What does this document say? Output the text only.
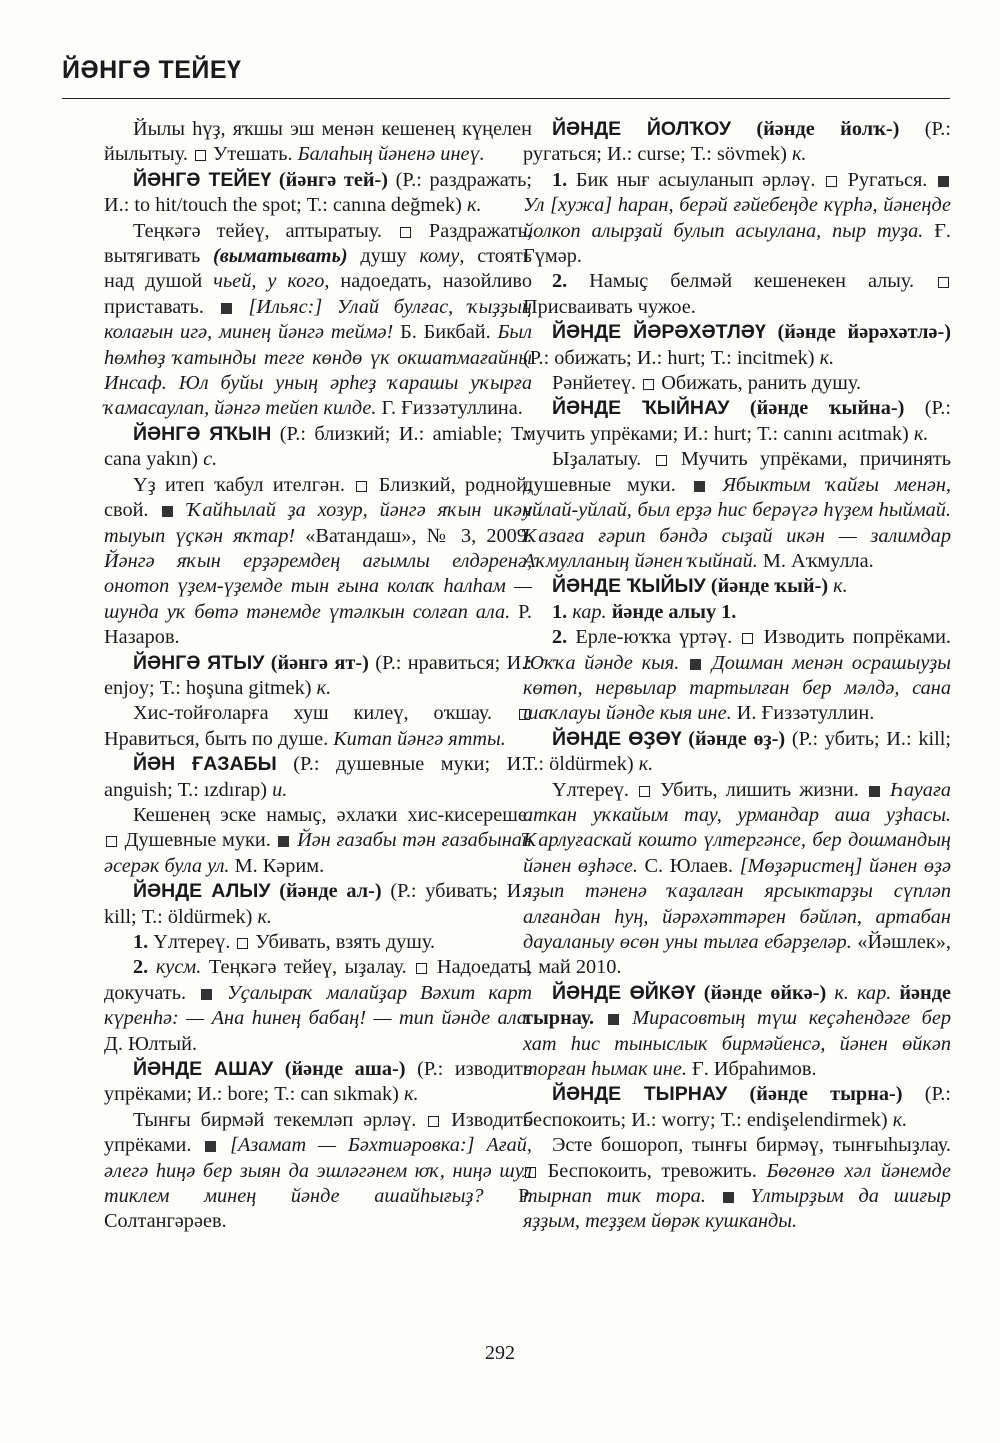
ЙӘНГӘ ТЕЙЕҮ

Йылы һүҙ, яҡшы эш менән кешенең күңелен йылытыу.  Утешать. Балаһың йәненә инеү.

ЙӘНГӘ ТЕЙЕҮ (йәнгә тей-) (Р.: раздражать; И.: to hit/touch the spot; Т.: canına değmek) к.

Теңкәгә тейеү, аптыратыу.  Раздражать, вытягивать (выматывать) душу кому, стоять над душой чьей, у кого, надоедать, назойливо приставать.  [Ильяс:] Улай булғас, ҡыҙҙың колағын игә, минең йәнгә теймә! Б. Бикбай. Был һөмһөҙ ҡатынды теге көндө үк окшатмағайны Инсаф. Юл буйы уның әрһеҙ ҡарашы уҡырға ҡамасаулап, йәнгә тейеп килде. Г. Ғиззәтуллина.

ЙӘНГӘ ЯҠЫН (Р.: близкий; И.: amiable; Т.: cana yakın) с.

Үҙ итеп ҡабул ителгән.  Близкий, родной, свой.  Ҡайһылай ҙа хозур, йәнгә яҡын икән тыуып үҫкән яҡтар! «Ватандаш», № 3, 2009. Йәнгә яҡын ерҙәремдең ағымлы елдәренә, онотоп үҙем-үҙемде тын ғына колаҡ һалһам — шунда уҡ бөтә тәнемде үтәлкын солғап ала. Р. Назаров.

ЙӘНГӘ ЯТЫУ (йәнгә ят-) (Р.: нравиться; И.: enjoy; Т.: hoşuna gitmek) к.

Хис-тойғоларға хуш килеү, оҡшау.  Нравиться, быть по душе. Китап йәнгә ятты.

ЙӘН ҒАЗАБЫ (Р.: душевные муки; И.: anguish; Т.: ızdırap) и.

Кешенең эске намыҫ, әхлаҡи хис-кисереше.  Душевные муки.  Йән ғазабы тән ғазабынан әсерәк була ул. М. Кәрим.

ЙӘНДЕ АЛЫУ (йәнде ал-) (Р.: убивать; И.: kill; Т.: öldürmek) к.

1. Үлтереү.  Убивать, взять душу.

2. кусм. Теңкәгә тейеү, ыҙалау.  Надоедать, докучать.  Уҫалыраҡ малайҙар Вәхит карт күренһә: — Ана һинең бабаң! — тип йәнде ала. Д. Юлтый.

ЙӘНДЕ АШАУ (йәнде аша-) (Р.: изводить упрёками; И.: bore; Т.: can sıkmak) к.

Тынғы бирмәй текемләп әрләү.  Изводить упрёками.  [Азамат — Бәхтиәровка:] Ағай, әлегә һиңә бер зыян да эшләгәнем юҡ, ниңә шул тиклем минең йәнде ашайһығыҙ? Р. Солтангәрәев.

ЙӘНДЕ ЙОЛҠОУ (йәнде йолҡ-) (Р.: ругаться; И.: curse; Т.: sövmek) к.

1. Бик нығ асыуланып әрләү.  Ругаться.  Ул [хужа] һаран, берәй ғәйебеңде күрһә, йәнеңде йолкоп алырҙай булып асыулана, пыр туҙа. Ғ. Ғүмәр.

2. Намыҫ белмәй кешенекен алыу.  Присваивать чужое.

ЙӘНДЕ ЙӘРӘХӘТЛӘҮ (йәнде йәрәхәтлә-) (Р.: обижать; И.: hurt; Т.: incitmek) к.

Рәнйетеү.  Обижать, ранить душу.

ЙӘНДЕ ҠЫЙНАУ (йәнде ҡыйна-) (Р.: мучить упрёками; И.: hurt; Т.: canını acıtmak) к.

Ыҙалатыу.  Мучить упрёками, причинять душевные муки.  Ябыктым ҡайғы менән, уйлай-уйлай, был ерҙә һис берәүгә һүҙем һыймай. Ҡазаға ғәрип бәндә сыҙай икән — залимдар Аҡмулланың йәнен ҡыйнай. М. Аҡмулла.

ЙӘНДЕ ҠЫЙЫУ (йәнде ҡый-) к.

1. кар. йәнде алыу 1.

2. Ерле-юҡҡа үртәү.  Изводить попрёками. Юҡҡа йәнде кыя.  Дошман менән осрашыуҙы көтөп, нервылар тартылған бер мәлдә, сана шаҡлауы йәнде кыя ине. И. Ғиззәтуллин.

ЙӘНДЕ ӨҘӨҮ (йәнде өҙ-) (Р.: убить; И.: kill; Т.: öldürmek) к.

Үлтереү.  Убить, лишить жизни.  Һауаға аткан уҡкайым тау, урмандар аша уҙһасы. Ҡарлуғаскай коштo үлтергәнсе, бер дошмандың йәнен өҙһәсе. С. Юлаев. [Мөҙәристең] йәнен өҙә яҙып тәненә ҡаҙалған ярсыктарҙы сүпләп алғандан һуң, йәрәхәттәрен бәйләп, артабан дауаланыу өсөн уны тылға ебәрҙеләр. «Йәшлек», 1 май 2010.

ЙӘНДЕ ӨЙКӘҮ (йәнде өйкә-) к. кар. йәнде тырнау.  Мирасовтың түш кеҫәһендәге бер хат һис тыныслык бирмәйенсә, йәнен өйкәп торған һымак ине. Ғ. Ибраһимов.

ЙӘНДЕ ТЫРНАУ (йәнде тырна-) (Р.: беспокоить; И.: worry; Т.: endişelendirmek) к.

Эсте бошороп, тынғы бирмәү, тынғыһыҙлау.  Беспокоить, тревожить. Бөгөнгө хәл йәнемде тырнап тик тора.  Үлтырҙым да шиғыр яҙҙым, теҙҙем йөрәк кушканды.

292
